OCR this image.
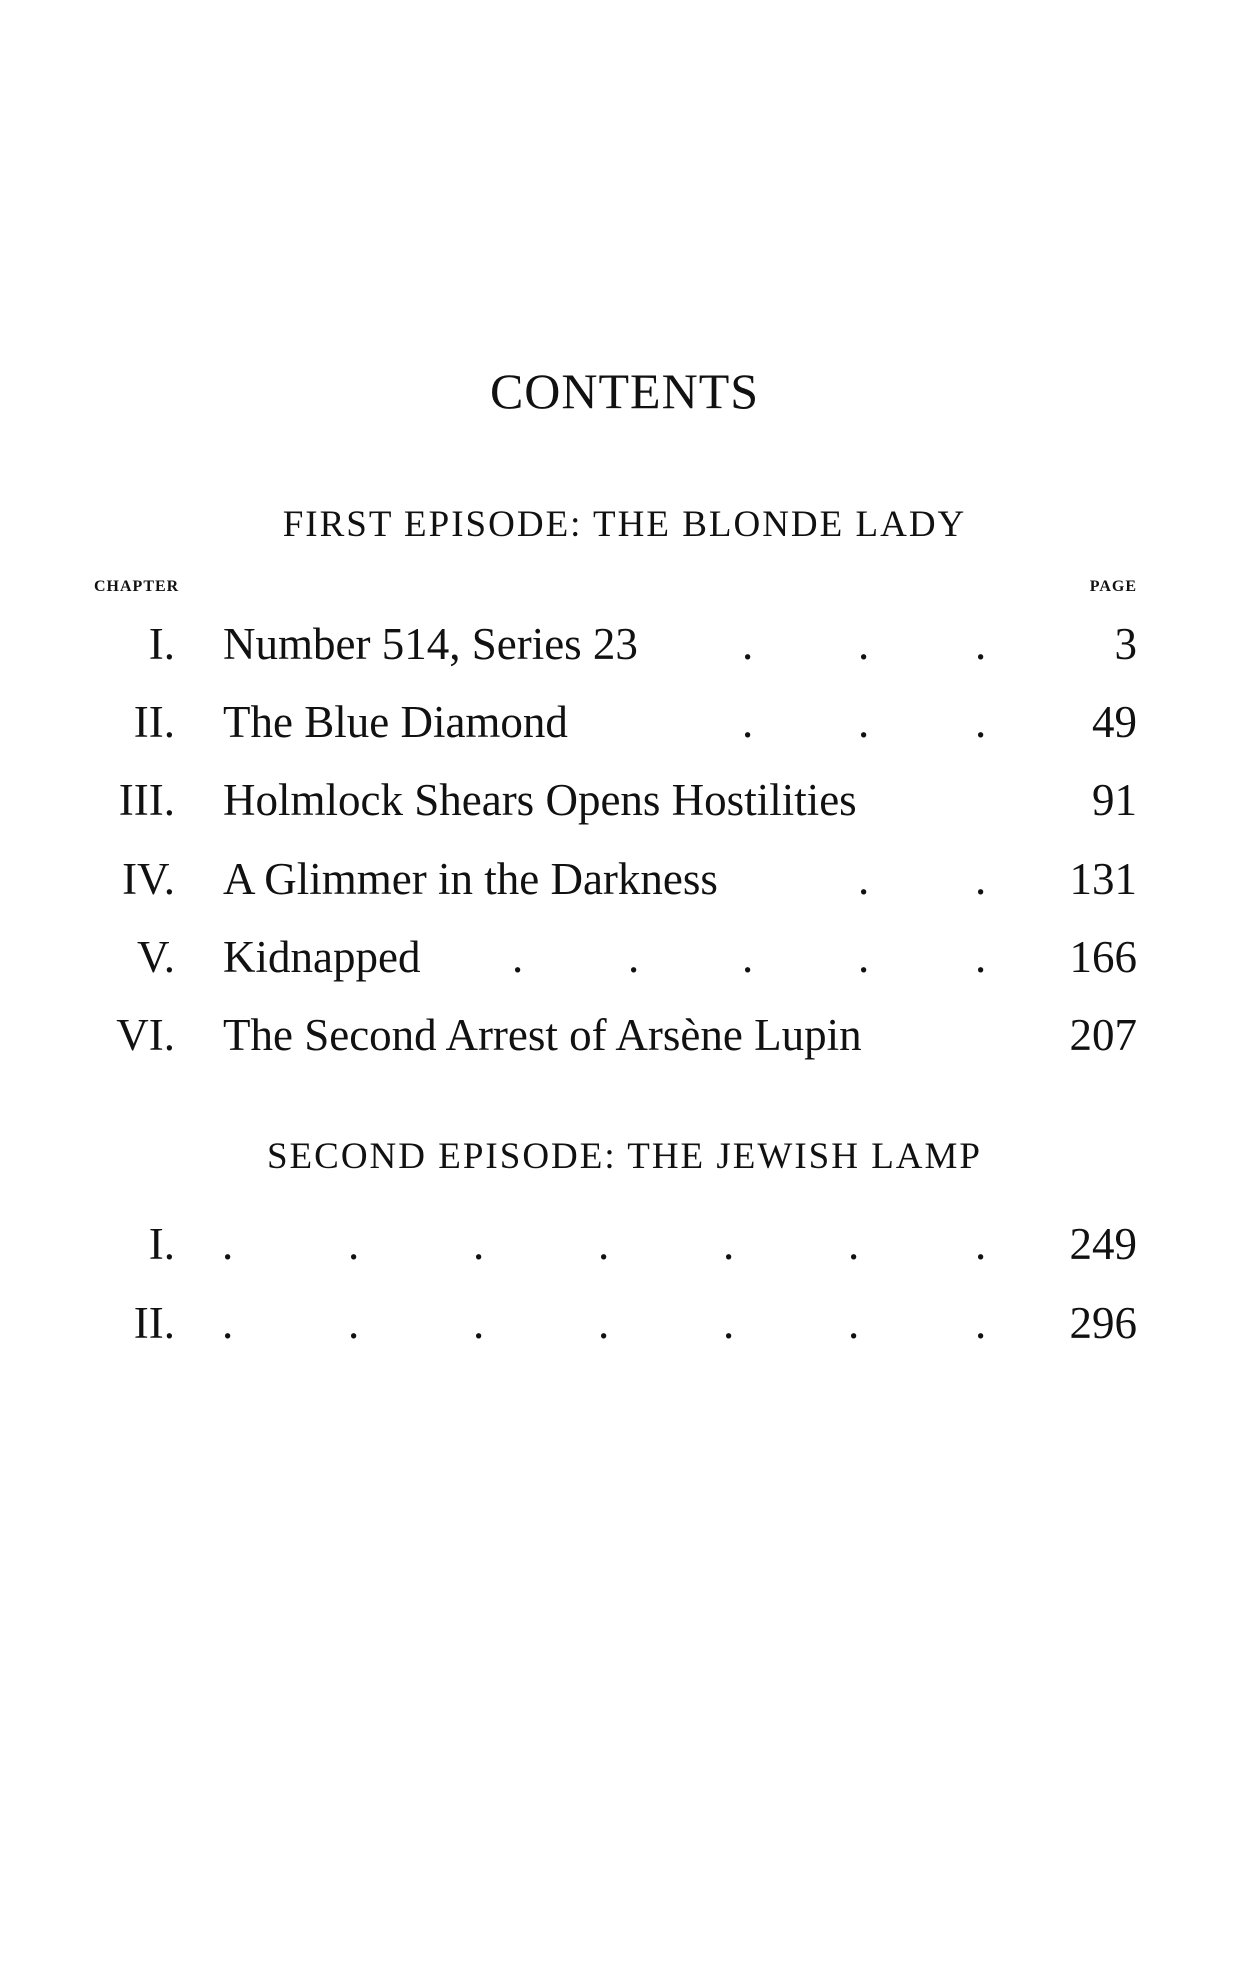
CONTENTS
FIRST EPISODE: THE BLONDE LADY
CHAPTER	PAGE
I. Number 514, Series 23 . . .	3
II. The Blue Diamond	. . . 49
III. Holmlock Shears Opens Hostilities	91
IV. A Glimmer in the Darkness	. . 131
V. Kidnapped . . . . . 166
VI. The Second Arrest of Arsène Lupin	207
SECOND EPISODE: THE JEWISH LAMP
I. .	.	.	.	.	.	. 249
II. .	.	.	.	.	.	. 296
